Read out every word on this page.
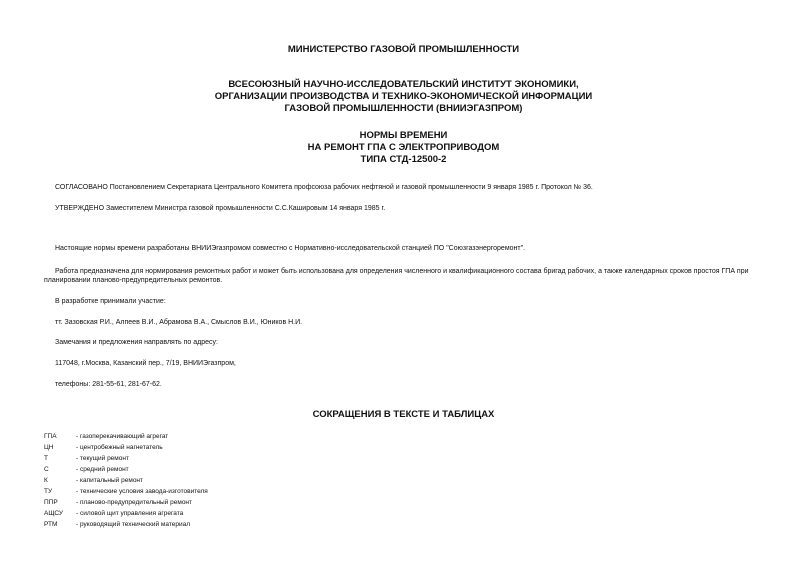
МИНИСТЕРСТВО ГАЗОВОЙ ПРОМЫШЛЕННОСТИ
ВСЕСОЮЗНЫЙ НАУЧНО-ИССЛЕДОВАТЕЛЬСКИЙ ИНСТИТУТ ЭКОНОМИКИ,
ОРГАНИЗАЦИИ ПРОИЗВОДСТВА И ТЕХНИКО-ЭКОНОМИЧЕСКОЙ ИНФОРМАЦИИ
ГАЗОВОЙ ПРОМЫШЛЕННОСТИ (ВНИИЭГАЗПРОМ)
НОРМЫ ВРЕМЕНИ
НА РЕМОНТ ГПА С ЭЛЕКТРОПРИВОДОМ
ТИПА СТД-12500-2
СОГЛАСОВАНО Постановлением Секретариата Центрального Комитета профсоюза рабочих нефтяной и газовой промышленности 9 января 1985 г. Протокол № 36.
УТВЕРЖДЕНО Заместителем Министра газовой промышленности С.С.Кашировым 14 января 1985 г.
Настоящие нормы времени разработаны ВНИИЭгазпромом совместно с Нормативно-исследовательской станцией ПО "Союзгазэнергоремонт".
Работа предназначена для нормирования ремонтных работ и может быть использована для определения численного и квалификационного состава бригад рабочих, а также календарных сроков простоя ГПА при
планировании планово-предупредительных ремонтов.
В разработке принимали участие:
тт. Зазовская Р.И., Алпеев В.И., Абрамова В.А., Смыслов В.И., Юников Н.И.
Замечания и предложения направлять по адресу:
117048, г.Москва, Казанский пер., 7/19, ВНИИЭгазпром,
телефоны: 281-55-61, 281-67-62.
СОКРАЩЕНИЯ В ТЕКСТЕ И ТАБЛИЦАХ
ГПА	- газоперекачивающий агрегат
ЦН	- центробежный нагнетатель
Т	- текущий ремонт
С	- средний ремонт
К	- капитальный ремонт
ТУ	- технические условия завода-изготовителя
ППР	- планово-предупредительный ремонт
АЩСУ - силовой щит управления агрегата
РТМ	- руководящий технический материал
